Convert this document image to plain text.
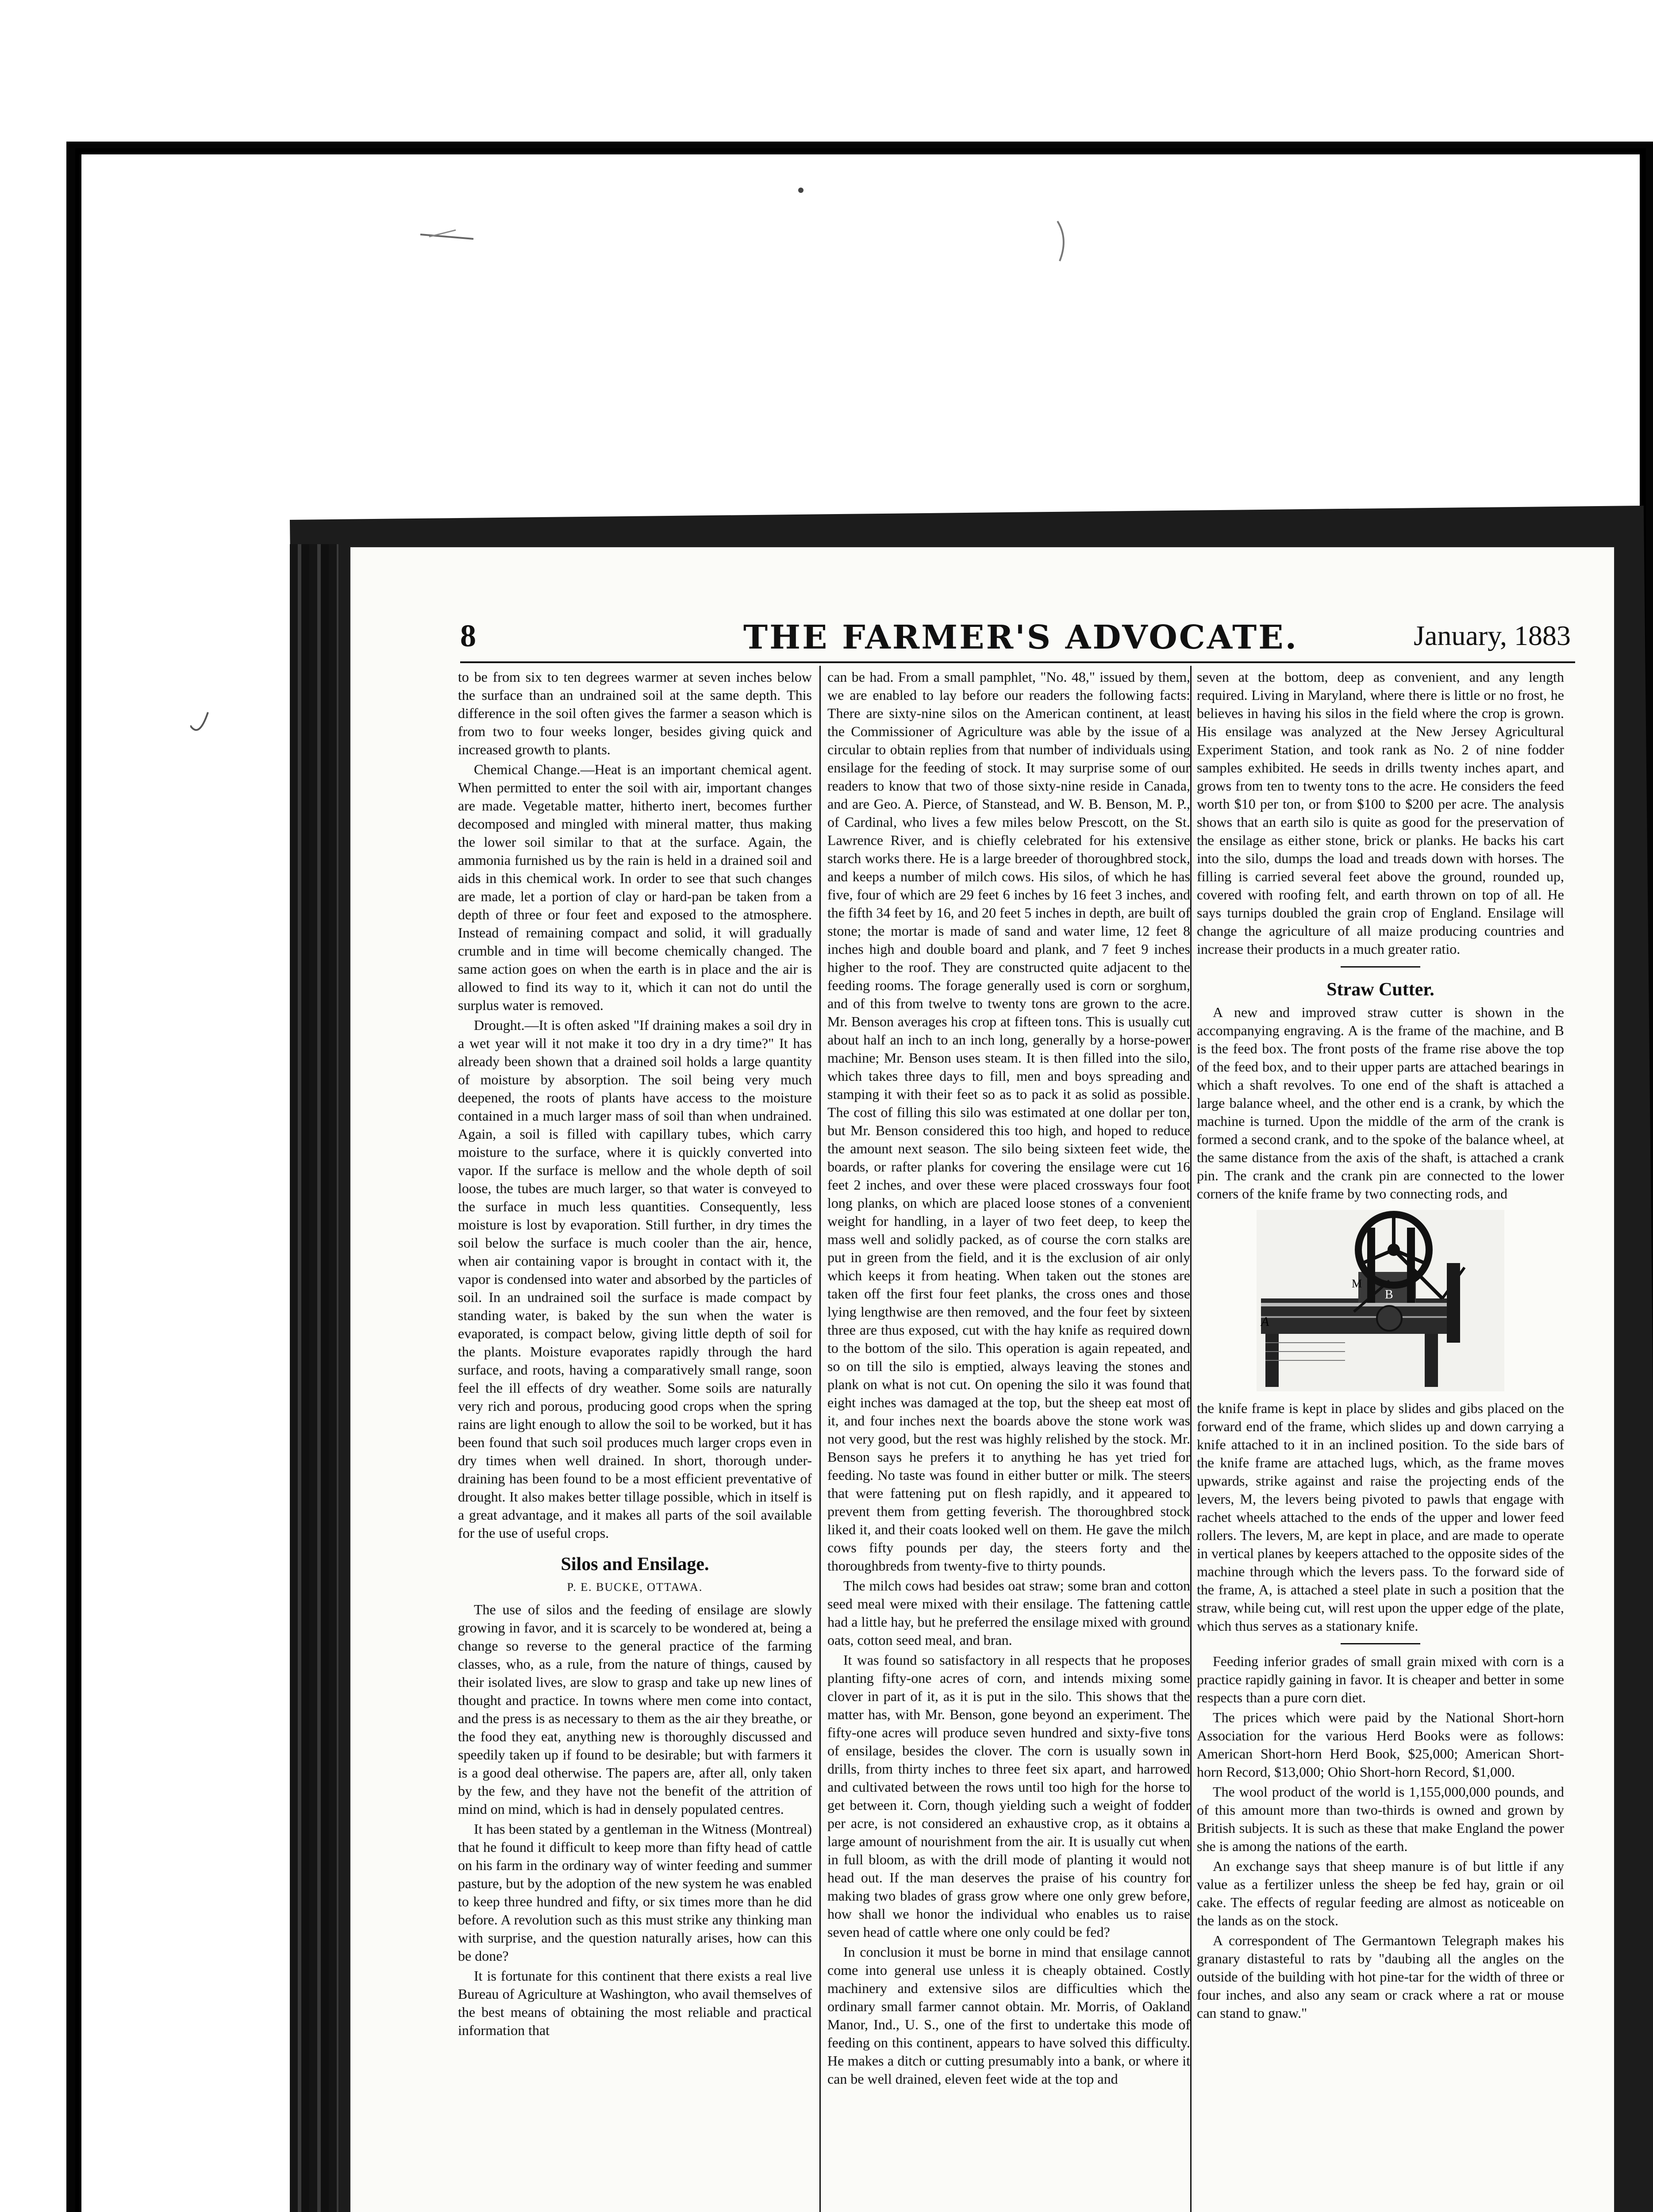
8	THE FARMER'S ADVOCATE.	January, 1883

to be from six to ten degrees warmer at seven inches below the surface than an undrained soil at the same depth. This difference in the soil often gives the farmer a season which is from two to four weeks longer, besides giving quick and increased growth to plants.

Chemical Change.—Heat is an important chemical agent. When permitted to enter the soil with air, important changes are made. Vegetable matter, hitherto inert, becomes further decomposed and mingled with mineral matter, thus making the lower soil similar to that at the surface. Again, the ammonia furnished us by the rain is held in a drained soil and aids in this chemical work. In order to see that such changes are made, let a portion of clay or hard-pan be taken from a depth of three or four feet and exposed to the atmosphere. Instead of remaining compact and solid, it will gradually crumble and in time will become chemically changed. The same action goes on when the earth is in place and the air is allowed to find its way to it, which it can not do until the surplus water is removed.

Drought.—It is often asked "If draining makes a soil dry in a wet year will it not make it too dry in a dry time?" It has already been shown that a drained soil holds a large quantity of moisture by absorption. The soil being very much deepened, the roots of plants have access to the moisture contained in a much larger mass of soil than when undrained. Again, a soil is filled with capillary tubes, which carry moisture to the surface, where it is quickly converted into vapor. If the surface is mellow and the whole depth of soil loose, the tubes are much larger, so that water is conveyed to the surface in much less quantities. Consequently, less moisture is lost by evaporation. Still further, in dry times the soil below the surface is much cooler than the air, hence, when air containing vapor is brought in contact with it, the vapor is condensed into water and absorbed by the particles of soil. In an undrained soil the surface is made compact by standing water, is baked by the sun when the water is evaporated, is compact below, giving little depth of soil for the plants. Moisture evaporates rapidly through the hard surface, and roots, having a comparatively small range, soon feel the ill effects of dry weather. Some soils are naturally very rich and porous, producing good crops when the spring rains are light enough to allow the soil to be worked, but it has been found that such soil produces much larger crops even in dry times when well drained. In short, thorough under-draining has been found to be a most efficient preventative of drought. It also makes better tillage possible, which in itself is a great advantage, and it makes all parts of the soil available for the use of useful crops.

Silos and Ensilage.
P. E. BUCKE, OTTAWA.

The use of silos and the feeding of ensilage are slowly growing in favor, and it is scarcely to be wondered at, being a change so reverse to the general practice of the farming classes, who, as a rule, from the nature of things, caused by their isolated lives, are slow to grasp and take up new lines of thought and practice. In towns where men come into contact, and the press is as necessary to them as the air they breathe, or the food they eat, anything new is thoroughly discussed and speedily taken up if found to be desirable; but with farmers it is a good deal otherwise. The papers are, after all, only taken by the few, and they have not the benefit of the attrition of mind on mind, which is had in densely populated centres.

It has been stated by a gentleman in the Witness (Montreal) that he found it difficult to keep more than fifty head of cattle on his farm in the ordinary way of winter feeding and summer pasture, but by the adoption of the new system he was enabled to keep three hundred and fifty, or six times more than he did before. A revolution such as this must strike any thinking man with surprise, and the question naturally arises, how can this be done?

It is fortunate for this continent that there exists a real live Bureau of Agriculture at Washington, who avail themselves of the best means of obtaining the most reliable and practical information that

can be had. From a small pamphlet, "No. 48," issued by them, we are enabled to lay before our readers the following facts: There are sixty-nine silos on the American continent, at least the Commissioner of Agriculture was able by the issue of a circular to obtain replies from that number of individuals using ensilage for the feeding of stock. It may surprise some of our readers to know that two of those sixty-nine reside in Canada, and are Geo. A. Pierce, of Stanstead, and W. B. Benson, M. P., of Cardinal, who lives a few miles below Prescott, on the St. Lawrence River, and is chiefly celebrated for his extensive starch works there. He is a large breeder of thoroughbred stock, and keeps a number of milch cows. His silos, of which he has five, four of which are 29 feet 6 inches by 16 feet 3 inches, and the fifth 34 feet by 16, and 20 feet 5 inches in depth, are built of stone; the mortar is made of sand and water lime, 12 feet 8 inches high and double board and plank, and 7 feet 9 inches higher to the roof. They are constructed quite adjacent to the feeding rooms. The forage generally used is corn or sorghum, and of this from twelve to twenty tons are grown to the acre. Mr. Benson averages his crop at fifteen tons. This is usually cut about half an inch to an inch long, generally by a horse-power machine; Mr. Benson uses steam. It is then filled into the silo, which takes three days to fill, men and boys spreading and stamping it with their feet so as to pack it as solid as possible. The cost of filling this silo was estimated at one dollar per ton, but Mr. Benson considered this too high, and hoped to reduce the amount next season. The silo being sixteen feet wide, the boards, or rafter planks for covering the ensilage were cut 16 feet 2 inches, and over these were placed crossways four foot long planks, on which are placed loose stones of a convenient weight for handling, in a layer of two feet deep, to keep the mass well and solidly packed, as of course the corn stalks are put in green from the field, and it is the exclusion of air only which keeps it from heating. When taken out the stones are taken off the first four feet planks, the cross ones and those lying lengthwise are then removed, and the four feet by sixteen three are thus exposed, cut with the hay knife as required down to the bottom of the silo. This operation is again repeated, and so on till the silo is emptied, always leaving the stones and plank on what is not cut. On opening the silo it was found that eight inches was damaged at the top, but the sheep eat most of it, and four inches next the boards above the stone work was not very good, but the rest was highly relished by the stock. Mr. Benson says he prefers it to anything he has yet tried for feeding. No taste was found in either butter or milk. The steers that were fattening put on flesh rapidly, and it appeared to prevent them from getting feverish. The thoroughbred stock liked it, and their coats looked well on them. He gave the milch cows fifty pounds per day, the steers forty and the thoroughbreds from twenty-five to thirty pounds.

The milch cows had besides oat straw; some bran and cotton seed meal were mixed with their ensilage. The fattening cattle had a little hay, but he preferred the ensilage mixed with ground oats, cotton seed meal, and bran.

It was found so satisfactory in all respects that he proposes planting fifty-one acres of corn, and intends mixing some clover in part of it, as it is put in the silo. This shows that the matter has, with Mr. Benson, gone beyond an experiment. The fifty-one acres will produce seven hundred and sixty-five tons of ensilage, besides the clover. The corn is usually sown in drills, from thirty inches to three feet six apart, and harrowed and cultivated between the rows until too high for the horse to get between it. Corn, though yielding such a weight of fodder per acre, is not considered an exhaustive crop, as it obtains a large amount of nourishment from the air. It is usually cut when in full bloom, as with the drill mode of planting it would not head out. If the man deserves the praise of his country for making two blades of grass grow where one only grew before, how shall we honor the individual who enables us to raise seven head of cattle where one only could be fed?

In conclusion it must be borne in mind that ensilage cannot come into general use unless it is cheaply obtained. Costly machinery and extensive silos are difficulties which the ordinary small farmer cannot obtain. Mr. Morris, of Oakland Manor, Ind., U. S., one of the first to undertake this mode of feeding on this continent, appears to have solved this difficulty. He makes a ditch or cutting presumably into a bank, or where it can be well drained, eleven feet wide at the top and

seven at the bottom, deep as convenient, and any length required. Living in Maryland, where there is little or no frost, he believes in having his silos in the field where the crop is grown. His ensilage was analyzed at the New Jersey Agricultural Experiment Station, and took rank as No. 2 of nine fodder samples exhibited. He seeds in drills twenty inches apart, and grows from ten to twenty tons to the acre. He considers the feed worth $10 per ton, or from $100 to $200 per acre. The analysis shows that an earth silo is quite as good for the preservation of the ensilage as either stone, brick or planks. He backs his cart into the silo, dumps the load and treads down with horses. The filling is carried several feet above the ground, rounded up, covered with roofing felt, and earth thrown on top of all. He says turnips doubled the grain crop of England. Ensilage will change the agriculture of all maize producing countries and increase their products in a much greater ratio.

Straw Cutter.

A new and improved straw cutter is shown in the accompanying engraving. A is the frame of the machine, and B is the feed box. The front posts of the frame rise above the top of the feed box, and to their upper parts are attached bearings in which a shaft revolves. To one end of the shaft is attached a large balance wheel, and the other end is a crank, by which the machine is turned. Upon the middle of the arm of the crank is formed a second crank, and to the spoke of the balance wheel, at the same distance from the axis of the shaft, is attached a crank pin. The crank and the crank pin are connected to the lower corners of the knife frame by two connecting rods, and

A
B
M

the knife frame is kept in place by slides and gibs placed on the forward end of the frame, which slides up and down carrying a knife attached to it in an inclined position. To the side bars of the knife frame are attached lugs, which, as the frame moves upwards, strike against and raise the projecting ends of the levers, M, the levers being pivoted to pawls that engage with rachet wheels attached to the ends of the upper and lower feed rollers. The levers, M, are kept in place, and are made to operate in vertical planes by keepers attached to the opposite sides of the machine through which the levers pass. To the forward side of the frame, A, is attached a steel plate in such a position that the straw, while being cut, will rest upon the upper edge of the plate, which thus serves as a stationary knife.

Feeding inferior grades of small grain mixed with corn is a practice rapidly gaining in favor. It is cheaper and better in some respects than a pure corn diet.

The prices which were paid by the National Short-horn Association for the various Herd Books were as follows: American Short-horn Herd Book, $25,000; American Short-horn Record, $13,000; Ohio Short-horn Record, $1,000.

The wool product of the world is 1,155,000,000 pounds, and of this amount more than two-thirds is owned and grown by British subjects. It is such as these that make England the power she is among the nations of the earth.

An exchange says that sheep manure is of but little if any value as a fertilizer unless the sheep be fed hay, grain or oil cake. The effects of regular feeding are almost as noticeable on the lands as on the stock.

A correspondent of The Germantown Telegraph makes his granary distasteful to rats by "daubing all the angles on the outside of the building with hot pine-tar for the width of three or four inches, and also any seam or crack where a rat or mouse can stand to gnaw."
